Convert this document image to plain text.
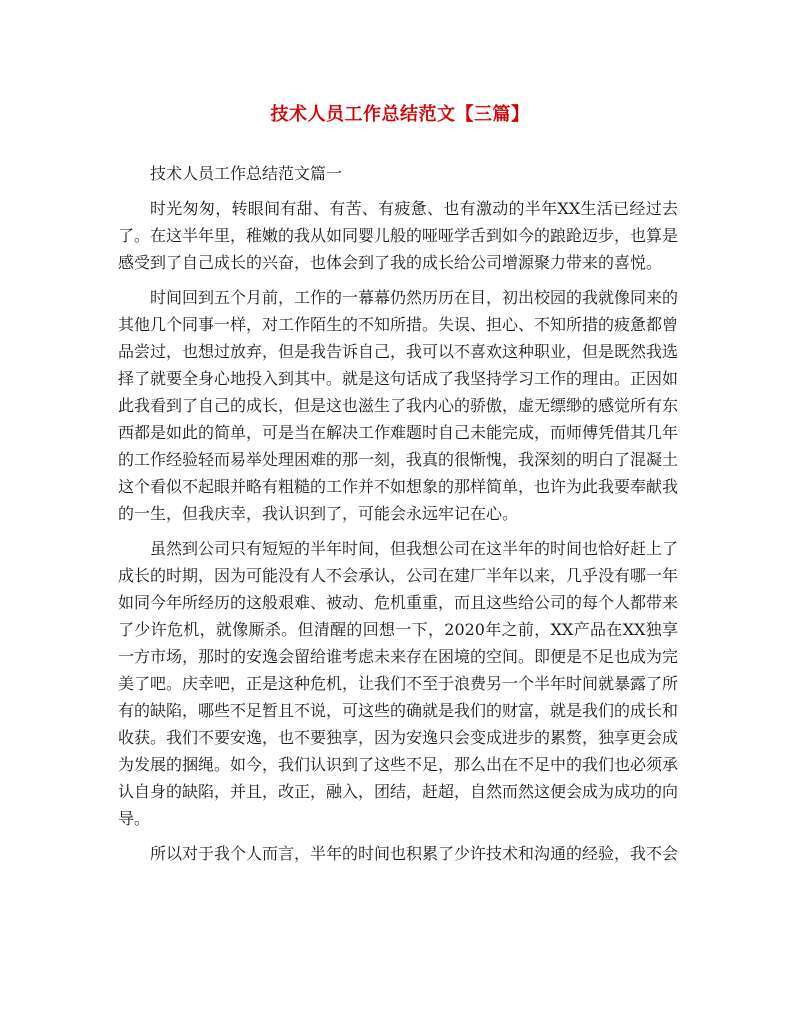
技术人员工作总结范文【三篇】

技术人员工作总结范文篇一

时光匆匆，转眼间有甜、有苦、有疲惫、也有激动的半年XX生活已经过去了。在这半年里，稚嫩的我从如同婴儿般的哑哑学舌到如今的踉跄迈步，也算是感受到了自己成长的兴奋，也体会到了我的成长给公司增源聚力带来的喜悦。

时间回到五个月前，工作的一幕幕仍然历历在目，初出校园的我就像同来的其他几个同事一样，对工作陌生的不知所措。失误、担心、不知所措的疲惫都曾品尝过，也想过放弃，但是我告诉自己，我可以不喜欢这种职业，但是既然我选择了就要全身心地投入到其中。就是这句话成了我坚持学习工作的理由。正因如此我看到了自己的成长，但是这也滋生了我内心的骄傲，虚无缥缈的感觉所有东西都是如此的简单，可是当在解决工作难题时自己未能完成，而师傅凭借其几年的工作经验轻而易举处理困难的那一刻，我真的很惭愧，我深刻的明白了混凝土这个看似不起眼并略有粗糙的工作并不如想象的那样简单，也许为此我要奉献我的一生，但我庆幸，我认识到了，可能会永远牢记在心。

虽然到公司只有短短的半年时间，但我想公司在这半年的时间也恰好赶上了成长的时期，因为可能没有人不会承认，公司在建厂半年以来，几乎没有哪一年如同今年所经历的这般艰难、被动、危机重重，而且这些给公司的每个人都带来了少许危机，就像厮杀。但清醒的回想一下，2020年之前，XX产品在XX独享一方市场，那时的安逸会留给谁考虑未来存在困境的空间。即便是不足也成为完美了吧。庆幸吧，正是这种危机，让我们不至于浪费另一个半年时间就暴露了所有的缺陷，哪些不足暂且不说，可这些的确就是我们的财富，就是我们的成长和收获。我们不要安逸，也不要独享，因为安逸只会变成进步的累赘，独享更会成为发展的捆绳。如今，我们认识到了这些不足，那么出在不足中的我们也必须承认自身的缺陷，并且，改正，融入，团结，赶超，自然而然这便会成为成功的向导。

所以对于我个人而言，半年的时间也积累了少许技术和沟通的经验，我不会
